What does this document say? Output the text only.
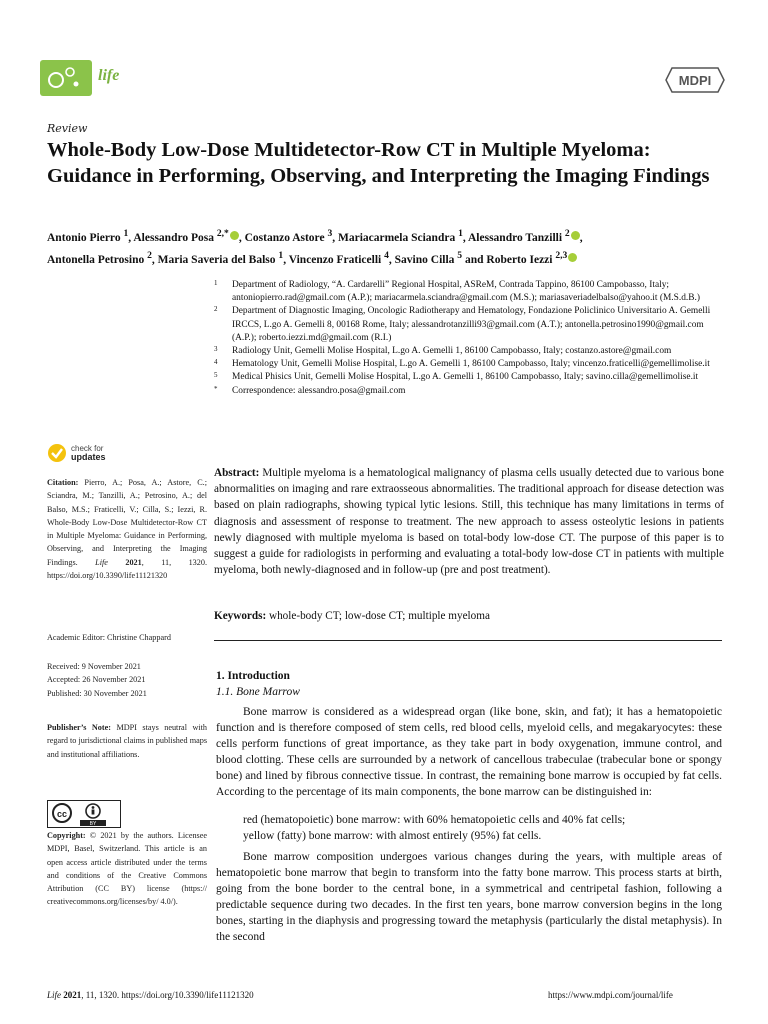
life	MDPI
Review
Whole-Body Low-Dose Multidetector-Row CT in Multiple Myeloma: Guidance in Performing, Observing, and Interpreting the Imaging Findings
Antonio Pierro $^1$, Alessandro Posa $^{2,*}$ , Costanzo Astore $^3$, Mariacarmela Sciandra $^1$, Alessandro Tanzilli $^2$ ,
Antonella Petrosino $^2$, Maria Saveria del Balso $^1$, Vincenzo Fraticelli $^4$, Savino Cilla $^5$ and Roberto Iezzi $^{2,3}$
1 Department of Radiology, “A. Cardarelli” Regional Hospital, ASReM, Contrada Tappino, 86100 Campobasso, Italy; antoniopierro.rad@gmail.com (A.P.); mariacarmela.sciandra@gmail.com (M.S.); mariasaveriadelbalso@yahoo.it (M.S.d.B.)
2 Department of Diagnostic Imaging, Oncologic Radiotherapy and Hematology, Fondazione Policlinico Universitario A. Gemelli IRCCS, L.go A. Gemelli 8, 00168 Rome, Italy; alessandrotanzilli93@gmail.com (A.T.); antonella.petrosino1990@gmail.com (A.P.); roberto.iezzi.md@gmail.com (R.I.)
3 Radiology Unit, Gemelli Molise Hospital, L.go A. Gemelli 1, 86100 Campobasso, Italy; costanzo.astore@gmail.com
4 Hematology Unit, Gemelli Molise Hospital, L.go A. Gemelli 1, 86100 Campobasso, Italy; vincenzo.fraticelli@gemellimolise.it
5 Medical Phisics Unit, Gemelli Molise Hospital, L.go A. Gemelli 1, 86100 Campobasso, Italy; savino.cilla@gemellimolise.it
* Correspondence: alessandro.posa@gmail.com
check for
updates
Citation: Pierro, A.; Posa, A.; Astore, C.; Sciandra, M.; Tanzilli, A.; Petrosino, A.; del Balso, M.S.; Fraticelli, V.; Cilla, S.; Iezzi, R. Whole-Body Low-Dose Multidetector-Row CT in Multiple Myeloma: Guidance in Performing, Observing, and Interpreting the Imaging Findings. Life 2021, 11, 1320. https://doi.org/10.3390/life11121320
Academic Editor: Christine Chappard
Received: 9 November 2021
Accepted: 26 November 2021
Published: 30 November 2021
Publisher’s Note: MDPI stays neutral with regard to jurisdictional claims in published maps and institutional affiliations.
cc
BY
Copyright: © 2021 by the authors. Licensee MDPI, Basel, Switzerland. This article is an open access article distributed under the terms and conditions of the Creative Commons Attribution (CC BY) license (https:// creativecommons.org/licenses/by/ 4.0/).
Abstract: Multiple myeloma is a hematological malignancy of plasma cells usually detected due to various bone abnormalities on imaging and rare extraosseous abnormalities. The traditional approach for disease detection was based on plain radiographs, showing typical lytic lesions. Still, this technique has many limitations in terms of diagnosis and assessment of response to treatment. The new approach to assess osteolytic lesions in patients newly diagnosed with multiple myeloma is based on total-body low-dose CT. The purpose of this paper is to suggest a guide for radiologists in performing and evaluating a total-body low-dose CT in patients with multiple myeloma, both newly-diagnosed and in follow-up (pre and post treatment).
Keywords: whole-body CT; low-dose CT; multiple myeloma
1. Introduction
1.1. Bone Marrow
Bone marrow is considered as a widespread organ (like bone, skin, and fat); it has a hematopoietic function and is therefore composed of stem cells, red blood cells, myeloid cells, and megakaryocytes: these cells perform functions of great importance, as they take part in body oxygenation, immune control, and blood clotting. These cells are surrounded by a network of cancellous trabeculae (trabecular bone or spongy bone) and lined by fibrous connective tissue. In contrast, the remaining bone marrow is occupied by fat cells. According to the percentage of its main components, the bone marrow can be distinguished in:
red (hematopoietic) bone marrow: with 60% hematopoietic cells and 40% fat cells;
yellow (fatty) bone marrow: with almost entirely (95%) fat cells.
Bone marrow composition undergoes various changes during the years, with multiple areas of hematopoietic bone marrow that begin to transform into the fatty bone marrow. This process starts at birth, going from the bone border to the central bone, in a symmetrical and centripetal fashion, following a predictable sequence during two decades. In the first ten years, bone marrow conversion begins in the long bones, starting in the diaphysis and progressing toward the metaphysis (particularly the distal metaphysis). In the second
Life 2021, 11, 1320. https://doi.org/10.3390/life11121320	https://www.mdpi.com/journal/life
